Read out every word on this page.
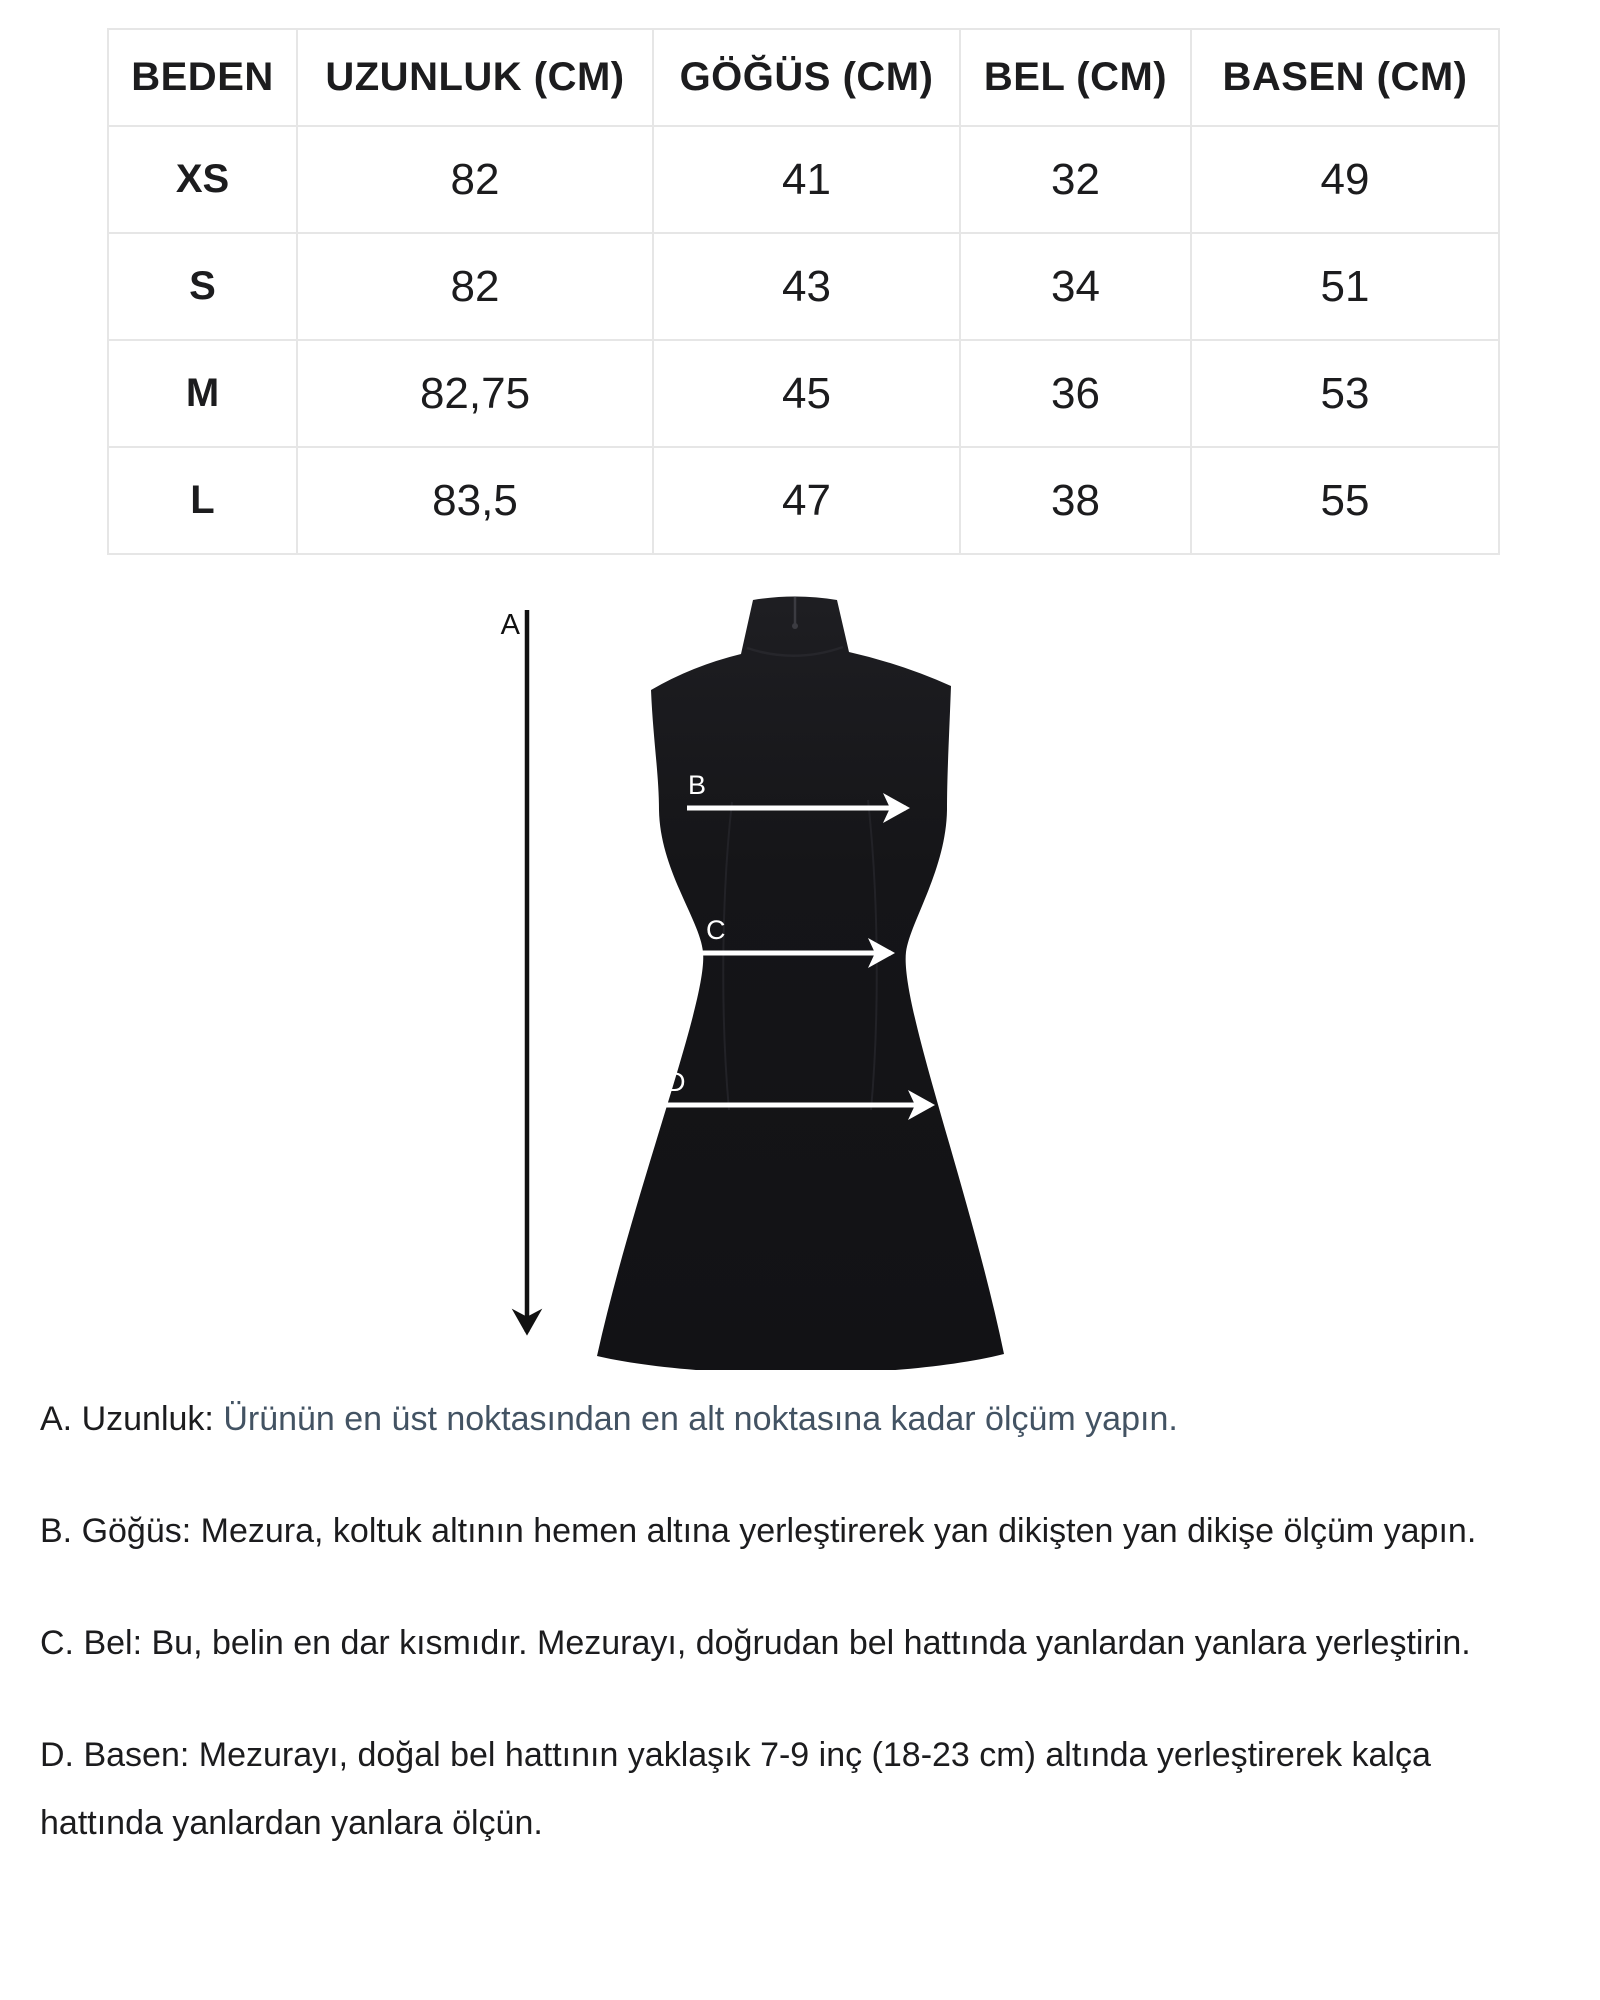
BEDEN	UZUNLUK (CM)	GÖĞÜS (CM)	BEL (CM)	BASEN (CM)
XS	82	41	32	49
S	82	43	34	51
M	82,75	45	36	53
L	83,5	47	38	55
A
B
C
D

A. Uzunluk: Ürünün en üst noktasından en alt noktasına kadar ölçüm yapın.

B. Göğüs: Mezura, koltuk altının hemen altına yerleştirerek yan dikişten yan dikişe ölçüm yapın.

C. Bel: Bu, belin en dar kısmıdır. Mezurayı, doğrudan bel hattında yanlardan yanlara yerleştirin.

D. Basen: Mezurayı, doğal bel hattının yaklaşık 7-9 inç (18-23 cm) altında yerleştirerek kalça hattında yanlardan yanlara ölçün.
